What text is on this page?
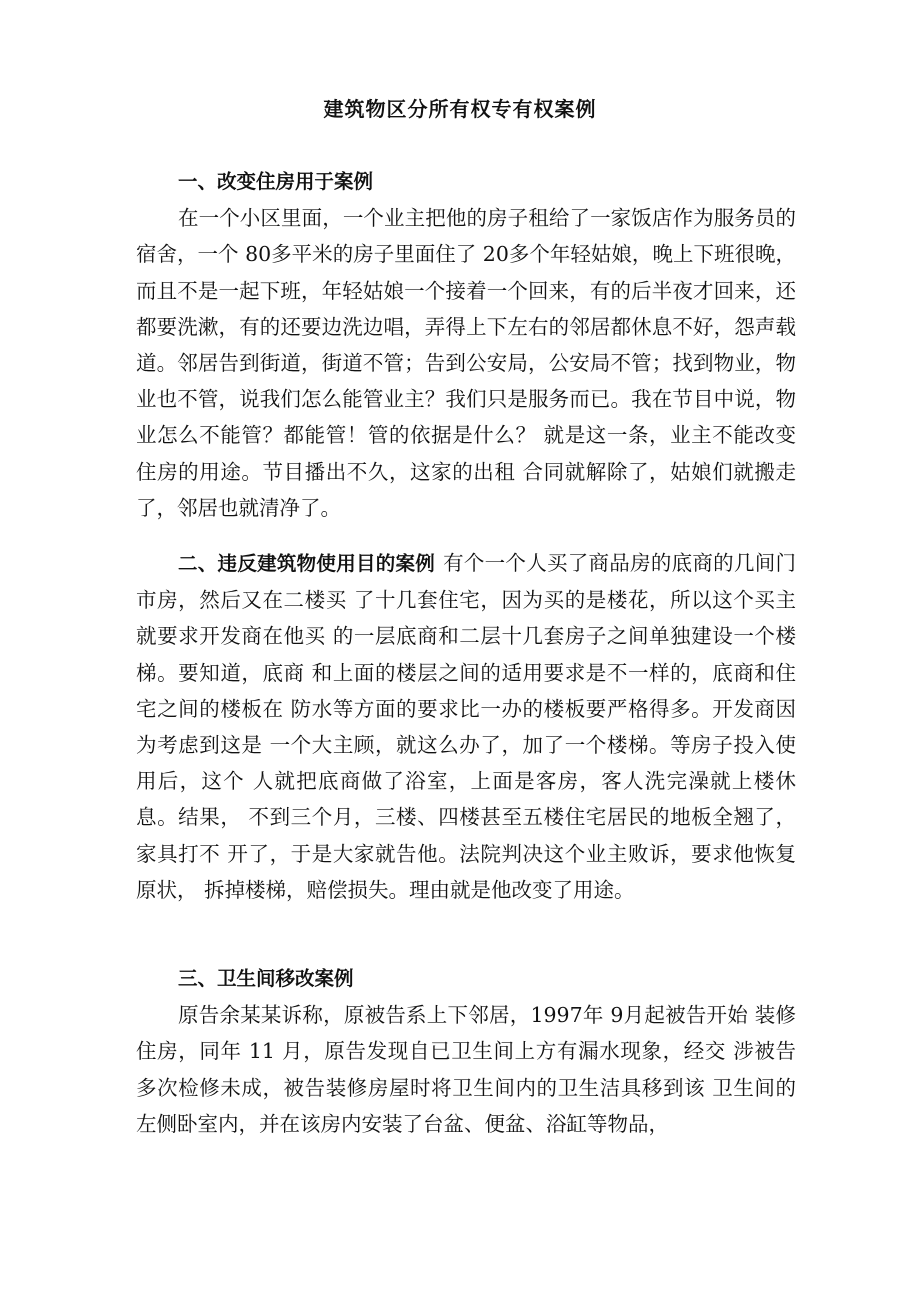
建筑物区分所有权专有权案例
一、改变住房用于案例
在一个小区里面，一个业主把他的房子租给了一家饭店作为服务员的宿舍，一个 80多平米的房子里面住了 20多个年轻姑娘，晚上下班很晚，而且不是一起下班，年轻姑娘一个接着一个回来，有的后半夜才回来，还都要洗漱，有的还要边洗边唱，弄得上下左右的邻居都休息不好，怨声载道。邻居告到街道，街道不管；告到公安局，公安局不管；找到物业，物业也不管，说我们怎么能管业主？我们只是服务而已。我在节目中说，物业怎么不能管？都能管！管的依据是什么？ 就是这一条，业主不能改变住房的用途。节目播出不久，这家的出租 合同就解除了，姑娘们就搬走了，邻居也就清净了。
二、违反建筑物使用目的案例 有个一个人买了商品房的底商的几间门市房，然后又在二楼买 了十几套住宅，因为买的是楼花，所以这个买主就要求开发商在他买 的一层底商和二层十几套房子之间单独建设一个楼梯。要知道，底商 和上面的楼层之间的适用要求是不一样的，底商和住宅之间的楼板在 防水等方面的要求比一办的楼板要严格得多。开发商因为考虑到这是 一个大主顾，就这么办了，加了一个楼梯。等房子投入使用后，这个 人就把底商做了浴室，上面是客房，客人洗完澡就上楼休息。结果， 不到三个月，三楼、四楼甚至五楼住宅居民的地板全翘了，家具打不 开了，于是大家就告他。法院判决这个业主败诉，要求他恢复原状， 拆掉楼梯，赔偿损失。理由就是他改变了用途。
三、卫生间移改案例
原告余某某诉称，原被告系上下邻居，1997年 9月起被告开始 装修住房，同年 11 月，原告发现自已卫生间上方有漏水现象，经交 涉被告多次检修未成，被告装修房屋时将卫生间内的卫生洁具移到该 卫生间的左侧卧室内，并在该房内安装了台盆、便盆、浴缸等物品，
